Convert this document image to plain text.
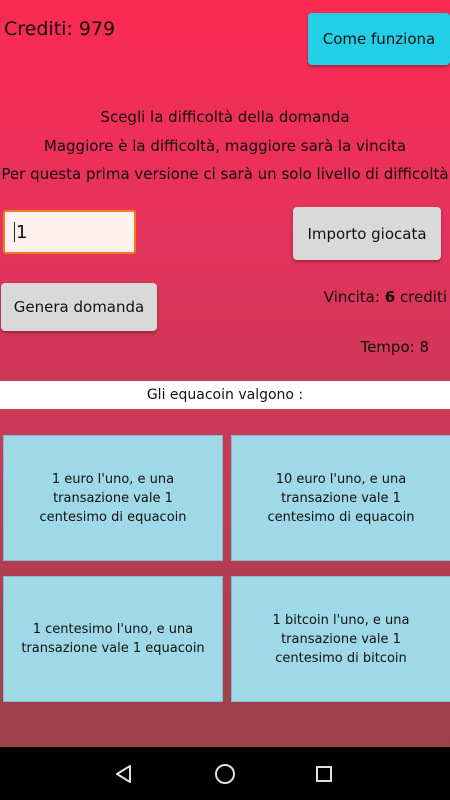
Crediti: 979	Come funziona
Scegli la difficoltà della domanda
Maggiore è la difficoltà, maggiore sarà la vincita
Per questa prima versione ci sarà un solo livello di difficoltà
1	Importo giocata
Genera domanda
Vincita: 6 crediti
Tempo: 8
Gli equacoin valgono :
1 euro l'uno, e una transazione vale 1 centesimo di equacoin
10 euro l'uno, e una transazione vale 1 centesimo di equacoin
1 centesimo l'uno, e una transazione vale 1 equacoin
1 bitcoin l'uno, e una transazione vale 1 centesimo di bitcoin
